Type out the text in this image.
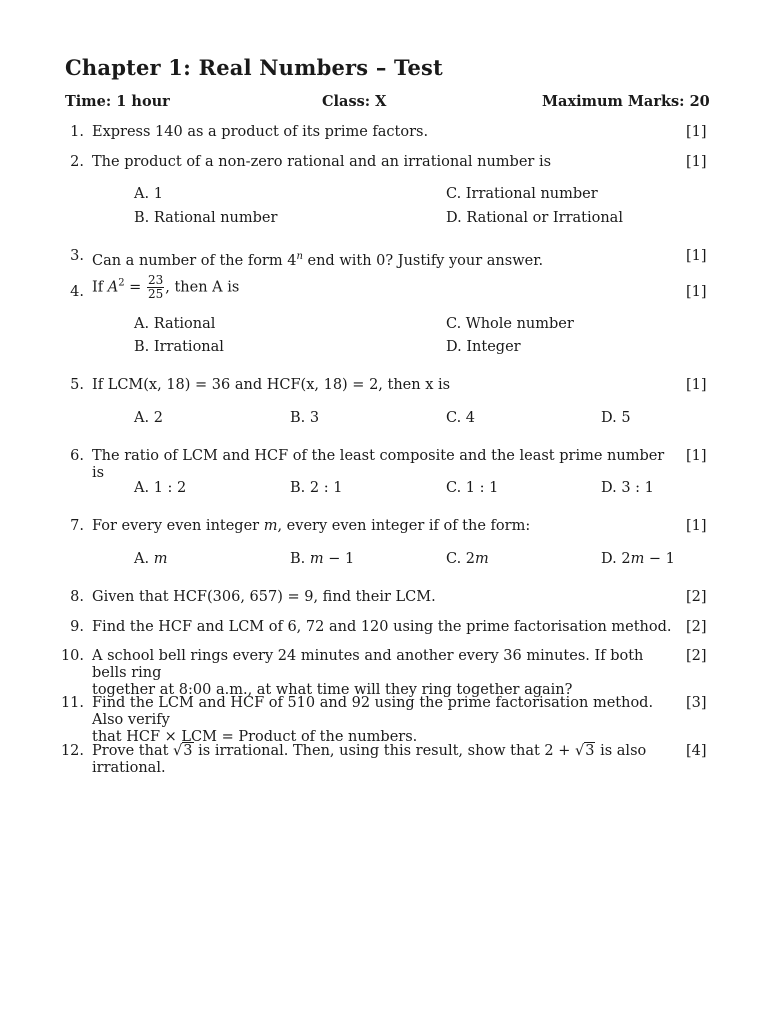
Chapter 1: Real Numbers – Test
Time: 1 hour	Class: X	Maximum Marks: 20
1. Express 140 as a product of its prime factors.	[1]
2. The product of a non-zero rational and an irrational number is	[1]
A. 1
B. Rational number
C. Irrational number
D. Rational or Irrational
3. Can a number of the form 4$^n$ end with 0? Justify your answer.	[1]
4. If $A^2 = \frac{23}{25}$ , then A is	[1]
A. Rational
B. Irrational
C. Whole number
D. Integer
5. If LCM(x, 18) = 36 and HCF(x, 18) = 2, then x is	[1]
A. 2	B. 3	C. 4	D. 5
6. The ratio of LCM and HCF of the least composite and the least prime number is
[1]
A. 1 : 2	B. 2 : 1	C. 1 : 1	D. 3 : 1
7. For every even integer m, every even integer if of the form:	[1]
A. m	B. m − 1	C. 2m	D. 2m − 1
8. Given that HCF(306, 657) = 9, find their LCM.	[2]
9. Find the HCF and LCM of 6, 72 and 120 using the prime factorisation method. [2]
10. A school bell rings every 24 minutes and another every 36 minutes. If both bells ring
together at 8:00 a.m., at what time will they ring together again?
[2]
11. Find the LCM and HCF of 510 and 92 using the prime factorisation method. Also verify
that HCF × LCM = Product of the numbers.
[3]
12. Prove that √3 is irrational. Then, using this result, show that 2 + √3 is also irrational.
[4]
